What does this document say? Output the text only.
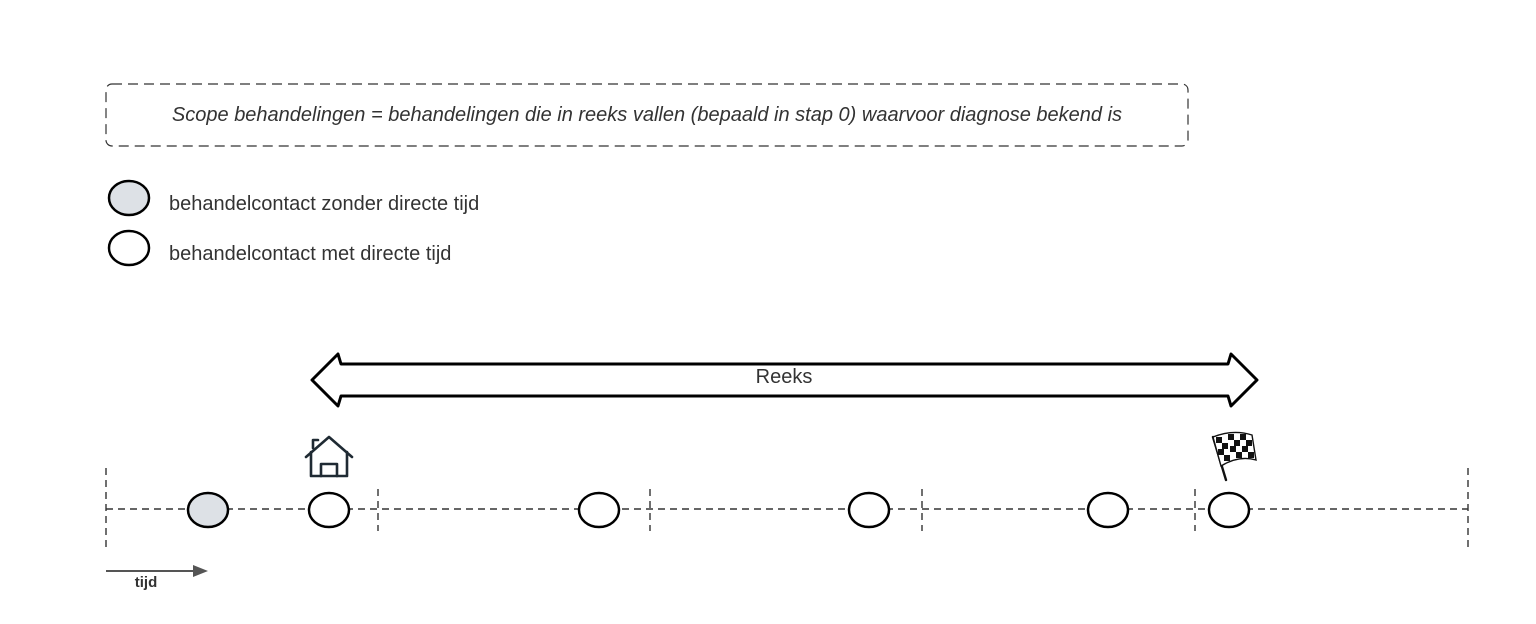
Scope behandelingen = behandelingen die in reeks vallen (bepaald in stap 0) waarvoor diagnose bekend is
behandelcontact zonder directe tijd
behandelcontact met directe tijd
Reeks
tijd
